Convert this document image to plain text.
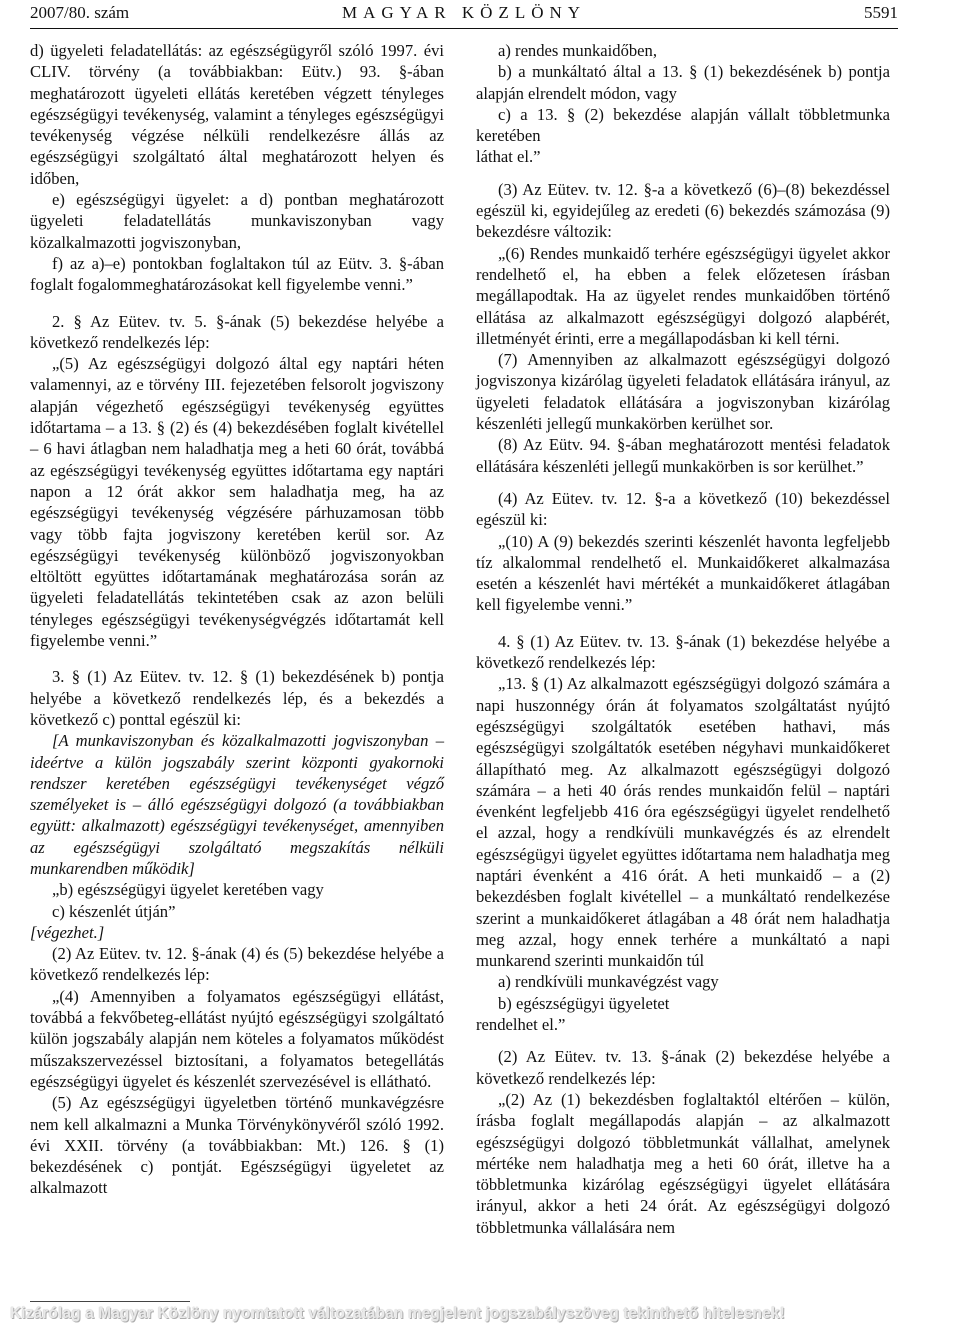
2007/80. szám	MAGYAR KÖZLÖNY	5591

d) ügyeleti feladatellátás: az egészségügyről szóló 1997. évi CLIV. törvény (a továbbiakban: Eütv.) 93. §-ában meghatározott ügyeleti ellátás keretében végzett tényleges egészségügyi tevékenység, valamint a tényleges egészségügyi tevékenység végzése nélküli rendelkezésre állás az egészségügyi szolgáltató által meghatározott helyen és időben,

e) egészségügyi ügyelet: a d) pontban meghatározott ügyeleti feladatellátás munkaviszonyban vagy közalkalmazotti jogviszonyban,

f) az a)–e) pontokban foglaltakon túl az Eütv. 3. §-ában foglalt fogalommeghatározásokat kell figyelembe venni.”

2. § Az Eütev. tv. 5. §-ának (5) bekezdése helyébe a következő rendelkezés lép:

„(5) Az egészségügyi dolgozó által egy naptári héten valamennyi, az e törvény III. fejezetében felsorolt jogviszony alapján végezhető egészségügyi tevékenység együttes időtartama – a 13. § (2) és (4) bekezdésében foglalt kivétellel – 6 havi átlagban nem haladhatja meg a heti 60 órát, továbbá az egészségügyi tevékenység együttes időtartama egy naptári napon a 12 órát akkor sem haladhatja meg, ha az egészségügyi tevékenység végzésére párhuzamosan több vagy több fajta jogviszony keretében kerül sor. Az egészségügyi tevékenység különböző jogviszonyokban eltöltött együttes időtartamának meghatározása során az ügyeleti feladatellátás tekintetében csak az azon belüli tényleges egészségügyi tevékenységvégzés időtartamát kell figyelembe venni.”

3. § (1) Az Eütev. tv. 12. § (1) bekezdésének b) pontja helyébe a következő rendelkezés lép, és a bekezdés a következő c) ponttal egészül ki:

[A munkaviszonyban és közalkalmazotti jogviszonyban – ideértve a külön jogszabály szerint központi gyakornoki rendszer keretében egészségügyi tevékenységet végző személyeket is – álló egészségügyi dolgozó (a továbbiakban együtt: alkalmazott) egészségügyi tevékenységet, amennyiben az egészségügyi szolgáltató megszakítás nélküli munkarendben működik]

„b) egészségügyi ügyelet keretében vagy

c) készenlét útján”

[végezhet.]

(2) Az Eütev. tv. 12. §-ának (4) és (5) bekezdése helyébe a következő rendelkezés lép:

„(4) Amennyiben a folyamatos egészségügyi ellátást, továbbá a fekvőbeteg-ellátást nyújtó egészségügyi szolgáltató külön jogszabály alapján nem köteles a folyamatos működést műszakszervezéssel biztosítani, a folyamatos betegellátás egészségügyi ügyelet és készenlét szervezésével is ellátható.

(5) Az egészségügyi ügyeletben történő munkavégzésre nem kell alkalmazni a Munka Törvénykönyvéről szóló 1992. évi XXII. törvény (a továbbiakban: Mt.) 126. § (1) bekezdésének c) pontját. Egészségügyi ügyeletet az alkalmazott

a) rendes munkaidőben,

b) a munkáltató által a 13. § (1) bekezdésének b) pontja alapján elrendelt módon, vagy

c) a 13. § (2) bekezdése alapján vállalt többletmunka keretében

láthat el.”

(3) Az Eütev. tv. 12. §-a a következő (6)–(8) bekezdéssel egészül ki, egyidejűleg az eredeti (6) bekezdés számozása (9) bekezdésre változik:

„(6) Rendes munkaidő terhére egészségügyi ügyelet akkor rendelhető el, ha ebben a felek előzetesen írásban megállapodtak. Ha az ügyelet rendes munkaidőben történő ellátása az alkalmazott egészségügyi dolgozó alapbérét, illetményét érinti, erre a megállapodásban ki kell térni.

(7) Amennyiben az alkalmazott egészségügyi dolgozó jogviszonya kizárólag ügyeleti feladatok ellátására irányul, az ügyeleti feladatok ellátására a jogviszonyban kizárólag készenléti jellegű munkakörben kerülhet sor.

(8) Az Eütv. 94. §-ában meghatározott mentési feladatok ellátására készenléti jellegű munkakörben is sor kerülhet.”

(4) Az Eütev. tv. 12. §-a a következő (10) bekezdéssel egészül ki:

„(10) A (9) bekezdés szerinti készenlét havonta legfeljebb tíz alkalommal rendelhető el. Munkaidőkeret alkalmazása esetén a készenlét havi mértékét a munkaidőkeret átlagában kell figyelembe venni.”

4. § (1) Az Eütev. tv. 13. §-ának (1) bekezdése helyébe a következő rendelkezés lép:

„13. § (1) Az alkalmazott egészségügyi dolgozó számára a napi huszonnégy órán át folyamatos szolgáltatást nyújtó egészségügyi szolgáltatók esetében hathavi, más egészségügyi szolgáltatók esetében négyhavi munkaidőkeret állapítható meg. Az alkalmazott egészségügyi dolgozó számára – a heti 40 órás rendes munkaidőn felül – naptári évenként legfeljebb 416 óra egészségügyi ügyelet rendelhető el azzal, hogy a rendkívüli munkavégzés és az elrendelt egészségügyi ügyelet együttes időtartama nem haladhatja meg naptári évenként a 416 órát. A heti munkaidő – a (2) bekezdésben foglalt kivétellel – a munkáltató rendelkezése szerint a munkaidőkeret átlagában a 48 órát nem haladhatja meg azzal, hogy ennek terhére a munkáltató a napi munkarend szerinti munkaidőn túl

a) rendkívüli munkavégzést vagy

b) egészségügyi ügyeletet

rendelhet el.”

(2) Az Eütev. tv. 13. §-ának (2) bekezdése helyébe a következő rendelkezés lép:

„(2) Az (1) bekezdésben foglaltaktól eltérően – külön, írásba foglalt megállapodás alapján – az alkalmazott egészségügyi dolgozó többletmunkát vállalhat, amelynek mértéke nem haladhatja meg a heti 60 órát, illetve ha a többletmunka kizárólag egészségügyi ügyelet ellátására irányul, akkor a heti 24 órát. Az egészségügyi dolgozó többletmunka vállalására nem

Kizárólag a Magyar Közlöny nyomtatott változatában megjelent jogszabályszöveg tekinthető hitelesnek!
